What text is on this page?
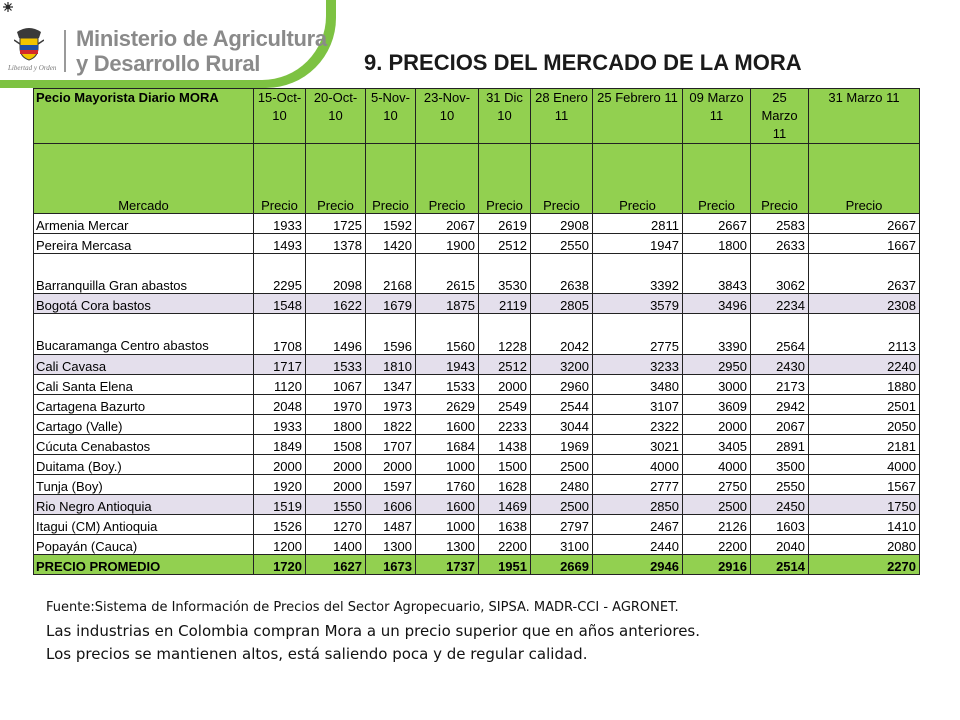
Libertad y Orden
Ministerio de Agricultura
y Desarrollo Rural	9. PRECIOS DEL MERCADO DE LA MORA
Pecio Mayorista Diario MORA	15-Oct-10	20-Oct-10	5-Nov-10	23-Nov-10	31 Dic 10	28 Enero 11	25 Febrero 11	09 Marzo 11	25 Marzo 11	31 Marzo 11
Mercado	Precio	Precio	Precio	Precio	Precio	Precio	Precio	Precio	Precio	Precio
Armenia Mercar	1933	1725	1592	2067	2619	2908	2811	2667	2583	2667
Pereira Mercasa	1493	1378	1420	1900	2512	2550	1947	1800	2633	1667
Barranquilla Gran abastos	2295	2098	2168	2615	3530	2638	3392	3843	3062	2637
Bogotá Cora bastos	1548	1622	1679	1875	2119	2805	3579	3496	2234	2308
Bucaramanga Centro abastos	1708	1496	1596	1560	1228	2042	2775	3390	2564	2113
Cali Cavasa	1717	1533	1810	1943	2512	3200	3233	2950	2430	2240
Cali Santa Elena	1120	1067	1347	1533	2000	2960	3480	3000	2173	1880
Cartagena Bazurto	2048	1970	1973	2629	2549	2544	3107	3609	2942	2501
Cartago (Valle)	1933	1800	1822	1600	2233	3044	2322	2000	2067	2050
Cúcuta Cenabastos	1849	1508	1707	1684	1438	1969	3021	3405	2891	2181
Duitama (Boy.)	2000	2000	2000	1000	1500	2500	4000	4000	3500	4000
Tunja (Boy)	1920	2000	1597	1760	1628	2480	2777	2750	2550	1567
Rio Negro Antioquia	1519	1550	1606	1600	1469	2500	2850	2500	2450	1750
Itagui (CM) Antioquia	1526	1270	1487	1000	1638	2797	2467	2126	1603	1410
Popayán (Cauca)	1200	1400	1300	1300	2200	3100	2440	2200	2040	2080
PRECIO PROMEDIO	1720	1627	1673	1737	1951	2669	2946	2916	2514	2270
Fuente:Sistema de Información de Precios del Sector Agropecuario, SIPSA. MADR-CCI - AGRONET.
Las industrias en Colombia compran Mora a un precio superior que en años anteriores.
Los precios se mantienen altos, está saliendo poca y de regular calidad.
